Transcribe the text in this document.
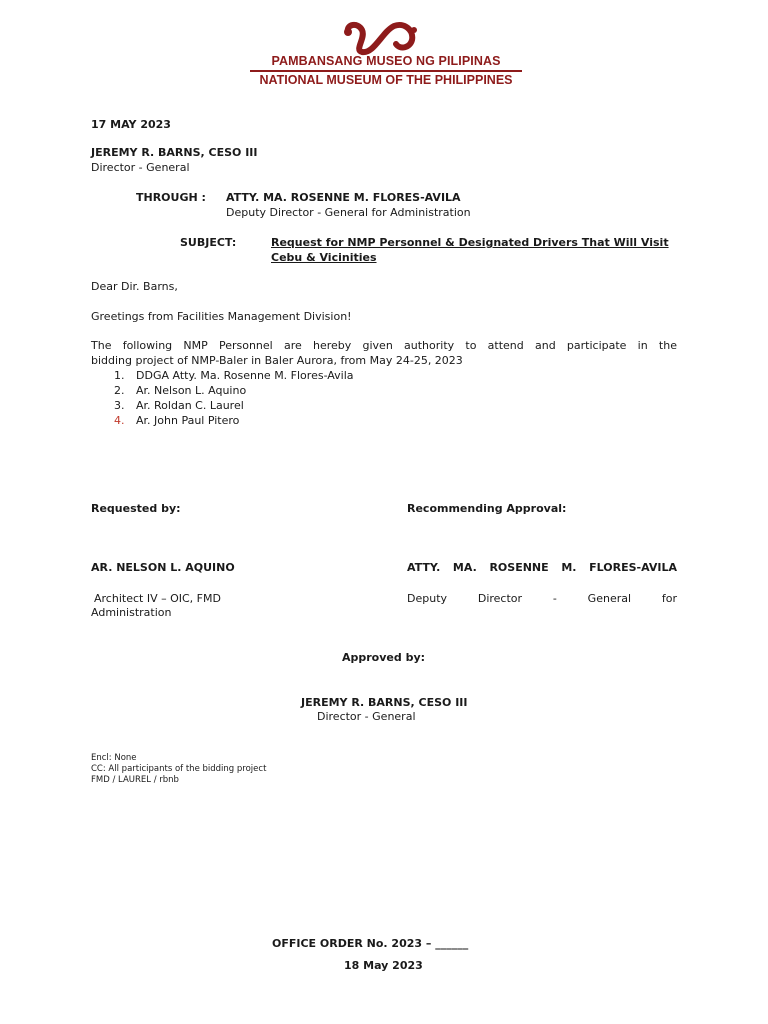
PAMBANSANG MUSEO NG PILIPINAS
NATIONAL MUSEUM OF THE PHILIPPINES
17 MAY 2023
JEREMY R. BARNS, CESO III
Director - General
THROUGH : ATTY. MA. ROSENNE M. FLORES-AVILA
Deputy Director - General for Administration
SUBJECT:	Request for NMP Personnel & Designated Drivers That Will Visit
Cebu & Vicinities
Dear Dir. Barns,
Greetings from Facilities Management Division!
The following NMP Personnel are hereby given authority to attend and participate in the
bidding project of NMP-Baler in Baler Aurora, from May 24-25, 2023
1. DDGA Atty. Ma. Rosenne M. Flores-Avila
2. Ar. Nelson L. Aquino
3. Ar. Roldan C. Laurel
4. Ar. John Paul Pitero
Requested by:	Recommending Approval:
AR. NELSON L. AQUINO	ATTY. MA. ROSENNE M. FLORES-AVILA
Architect IV – OIC, FMD	Deputy Director - General for
Administration
Approved by:
JEREMY R. BARNS, CESO III
Director - General
Encl: None
CC: All participants of the bidding project
FMD / LAUREL / rbnb
OFFICE ORDER No. 2023 – ______
18 May 2023
